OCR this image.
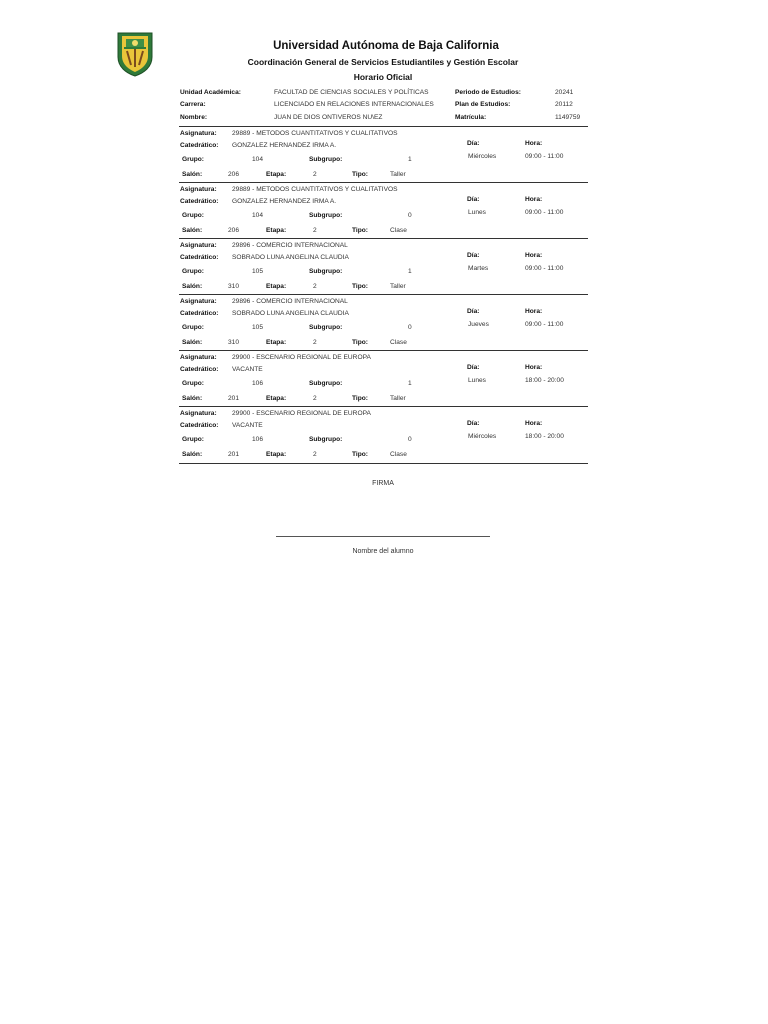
Universidad Autónoma de Baja California
Coordinación General de Servicios Estudiantiles y Gestión Escolar
Horario Oficial
Unidad Académica:	FACULTAD DE CIENCIAS SOCIALES Y POLÍTICAS	Periodo de Estudios:	20241
Carrera:	LICENCIADO EN RELACIONES INTERNACIONALES	Plan de Estudios:	20112
Nombre:	JUAN DE DIOS ONTIVEROS NU\EZ	Matrícula:	1149759
Asignatura: 29889 - METODOS CUANTITATIVOS Y CUALITATIVOS
Catedrático: GONZALEZ HERNANDEZ IRMA A.	Día:	Hora:
Miércoles	09:00 - 11:00
Grupo:	104	Subgrupo:	1
Salón:	206	Etapa:	2	Tipo:	Taller
Asignatura: 29889 - METODOS CUANTITATIVOS Y CUALITATIVOS
Catedrático: GONZALEZ HERNANDEZ IRMA A.	Día:	Hora:
Lunes	09:00 - 11:00
Grupo:	104	Subgrupo:	0
Salón:	206	Etapa:	2	Tipo:	Clase
Asignatura: 29896 - COMERCIO INTERNACIONAL
Catedrático: SOBRADO LUNA ANGELINA CLAUDIA	Día:	Hora:
Martes	09:00 - 11:00
Grupo:	105	Subgrupo:	1
Salón:	310	Etapa:	2	Tipo:	Taller
Asignatura: 29896 - COMERCIO INTERNACIONAL
Catedrático: SOBRADO LUNA ANGELINA CLAUDIA	Día:	Hora:
Jueves	09:00 - 11:00
Grupo:	105	Subgrupo:	0
Salón:	310	Etapa:	2	Tipo:	Clase
Asignatura: 29900 - ESCENARIO REGIONAL DE EUROPA
Catedrático: VACANTE	Día:	Hora:
Lunes	18:00 - 20:00
Grupo:	106	Subgrupo:	1
Salón:	201	Etapa:	2	Tipo:	Taller
Asignatura: 29900 - ESCENARIO REGIONAL DE EUROPA
Catedrático: VACANTE	Día:	Hora:
Miércoles	18:00 - 20:00
Grupo:	106	Subgrupo:	0
Salón:	201	Etapa:	2	Tipo:	Clase
FIRMA
Nombre del alumno
